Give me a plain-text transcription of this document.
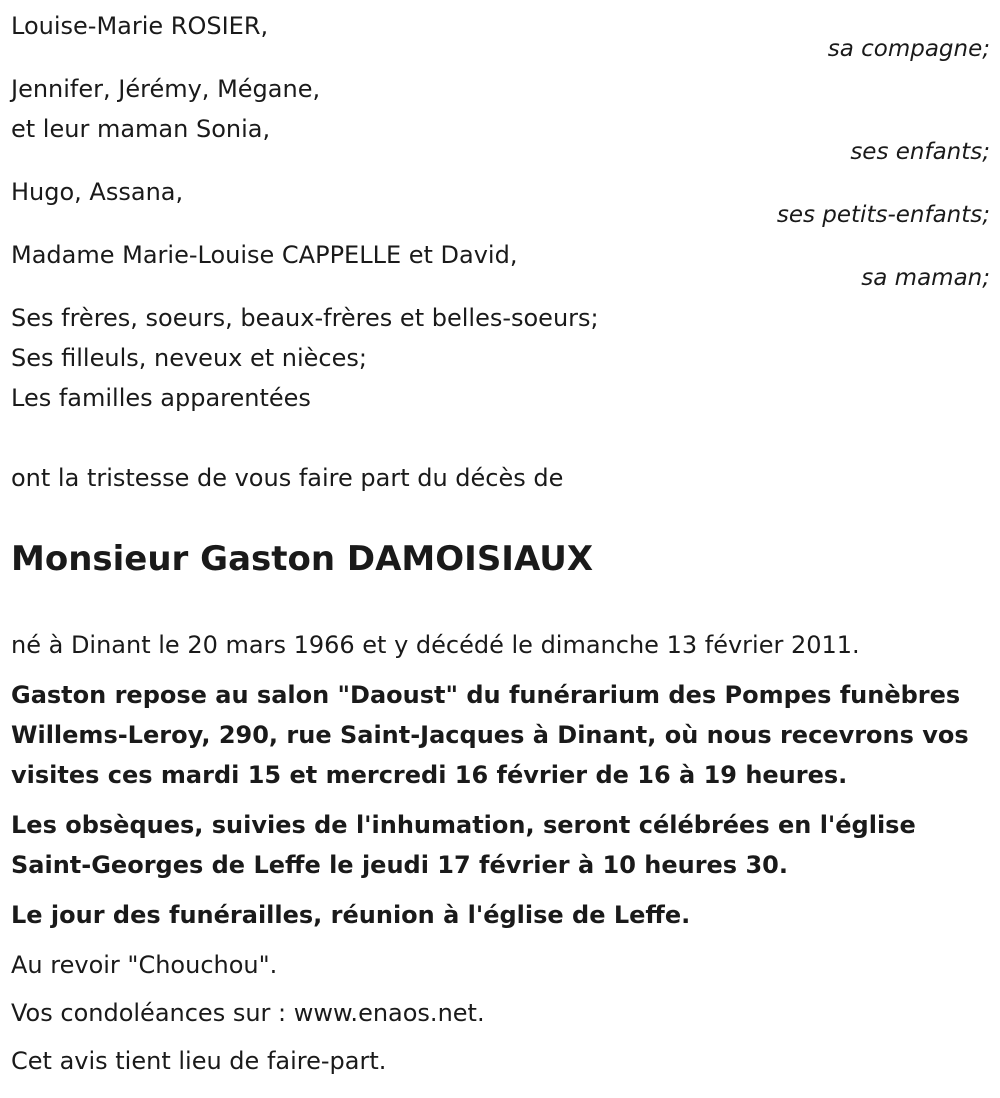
Louise-Marie ROSIER,
sa compagne;
Jennifer, Jérémy, Mégane,
et leur maman Sonia,
ses enfants;
Hugo, Assana,
ses petits-enfants;
Madame Marie-Louise CAPPELLE et David,
sa maman;
Ses frères, soeurs, beaux-frères et belles-soeurs;
Ses filleuls, neveux et nièces;
Les familles apparentées
ont la tristesse de vous faire part du décès de
Monsieur Gaston DAMOISIAUX
né à Dinant le 20 mars 1966 et y décédé le dimanche 13 février 2011.
Gaston repose au salon "Daoust" du funérarium des Pompes funèbres Willems-Leroy, 290, rue Saint-Jacques à Dinant, où nous recevrons vos visites ces mardi 15 et mercredi 16 février de 16 à 19 heures.
Les obsèques, suivies de l'inhumation, seront célébrées en l'église Saint-Georges de Leffe le jeudi 17 février à 10 heures 30.
Le jour des funérailles, réunion à l'église de Leffe.
Au revoir "Chouchou".
Vos condoléances sur : www.enaos.net.
Cet avis tient lieu de faire-part.
